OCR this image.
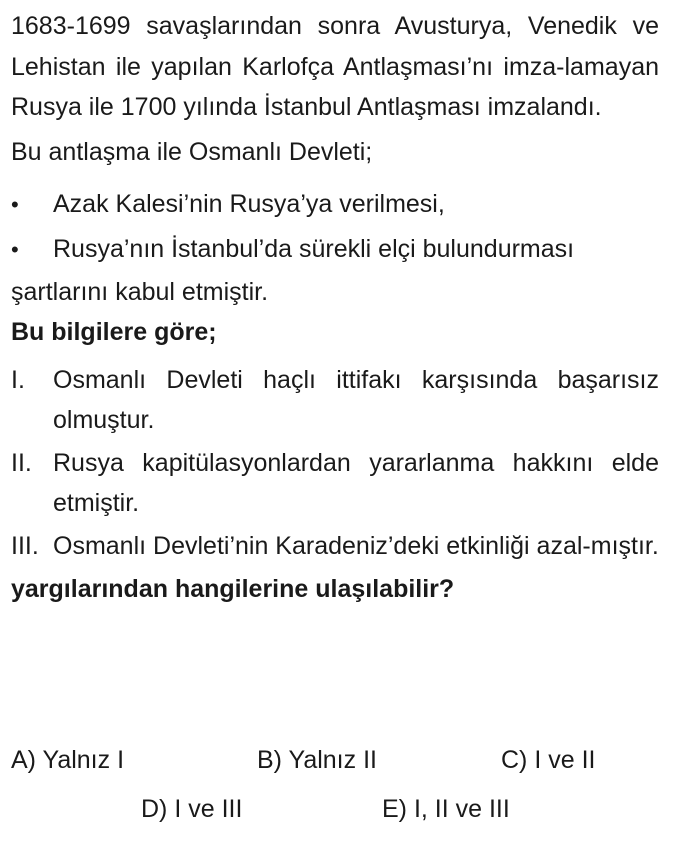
1683-1699 savaşlarından sonra Avusturya, Venedik ve Lehistan ile yapılan Karlofça Antlaşması’nı imza-lamayan Rusya ile 1700 yılında İstanbul Antlaşması imzalandı.

Bu antlaşma ile Osmanlı Devleti;

•	Azak Kalesi’nin Rusya’ya verilmesi,
•	Rusya’nın İstanbul’da sürekli elçi bulundurması

şartlarını kabul etmiştir.

Bu bilgilere göre;

I.	Osmanlı Devleti haçlı ittifakı karşısında başarısız olmuştur.
II. Rusya kapitülasyonlardan yararlanma hakkını elde etmiştir.
III. Osmanlı Devleti’nin Karadeniz’deki etkinliği azal-mıştır.

yargılarından hangilerine ulaşılabilir?

A) Yalnız I	B) Yalnız II	C) I ve II
D) I ve III	E) I, II ve III
